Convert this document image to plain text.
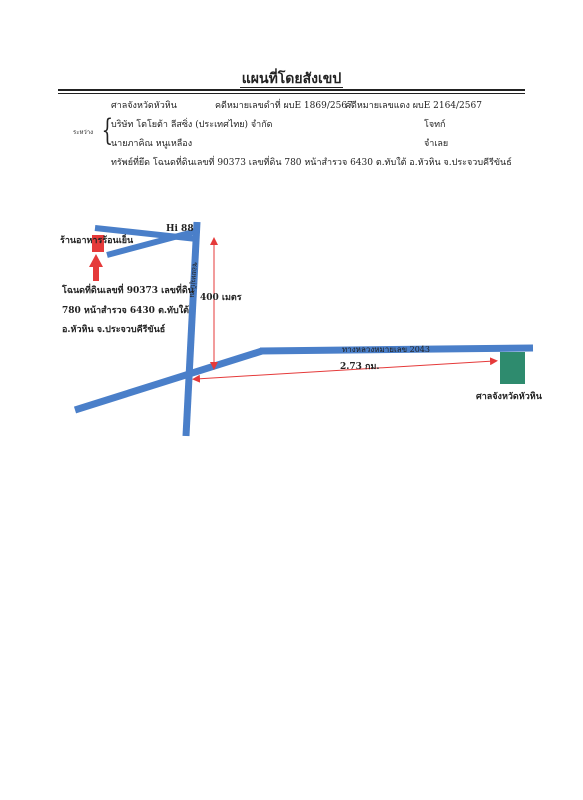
แผนที่โดยสังเขป
ศาลจังหวัดหัวหิน	คดีหมายเลขดำที่ ผบE 1869/2567
คดีหมายเลขแดง ผบE 2164/2567
ระหว่าง {
บริษัท โตโยต้า ลีสซิ่ง (ประเทศไทย) จำกัด	โจทก์
นายภาคิณ หนูเหลือง	จำเลย
ทรัพย์ที่ยึด โฉนดที่ดินเลขที่ 90373 เลขที่ดิน 780 หน้าสำรวจ 6430 ต.ทับใต้ อ.หัวหิน จ.ประจวบคีรีขันธ์
Hi 88
ร้านอาหารร้อนเย็น
ซอยหมู่บ้าน
400 เมตร
ทางหลวงหมายเลข 2043
2.73 กม.
ศาลจังหวัดหัวหิน
โฉนดที่ดินเลขที่ 90373 เลขที่ดิน
780 หน้าสำรวจ 6430 ต.ทับใต้
อ.หัวหิน จ.ประจวบคีรีขันธ์
